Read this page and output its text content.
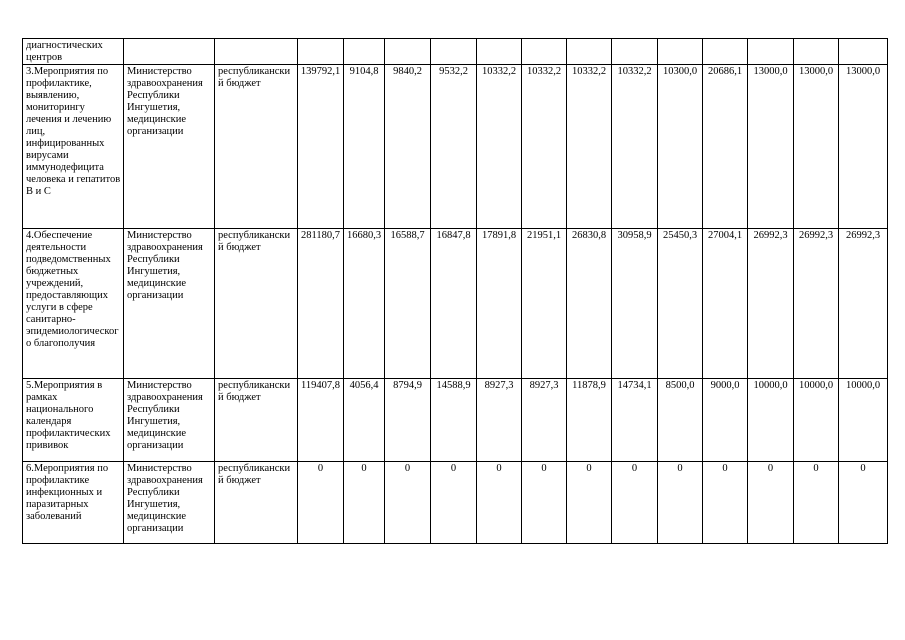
диагностических центров															

3.Мероприятия по профилактике, выявлению, мониторингу лечения и лечению лиц, инфицированных вирусами иммунодефицита человека и гепатитов В и С	Министерство здравоохранения Республики Ингушетия, медицинские организации	республиканский бюджет	139792,1	9104,8	9840,2	9532,2	10332,2	10332,2	10332,2	10332,2	10300,0	20686,1	13000,0	13000,0	13000,0

4.Обеспечение деятельности подведомственных бюджетных учреждений, предоставляющих услуги в сфере санитарно-эпидемиологического благополучия	Министерство здравоохранения Республики Ингушетия, медицинские организации	республиканский бюджет	281180,7	16680,3	16588,7	16847,8	17891,8	21951,1	26830,8	30958,9	25450,3	27004,1	26992,3	26992,3	26992,3

5.Мероприятия в рамках национального календаря профилактических прививок	Министерство здравоохранения Республики Ингушетия, медицинские организации	республиканский бюджет	119407,8	4056,4	8794,9	14588,9	8927,3	8927,3	11878,9	14734,1	8500,0	9000,0	10000,0	10000,0	10000,0

6.Мероприятия по профилактике инфекционных и паразитарных заболеваний	Министерство здравоохранения Республики Ингушетия, медицинские организации	республиканский бюджет	0	0	0	0	0	0	0	0	0	0	0	0	0
